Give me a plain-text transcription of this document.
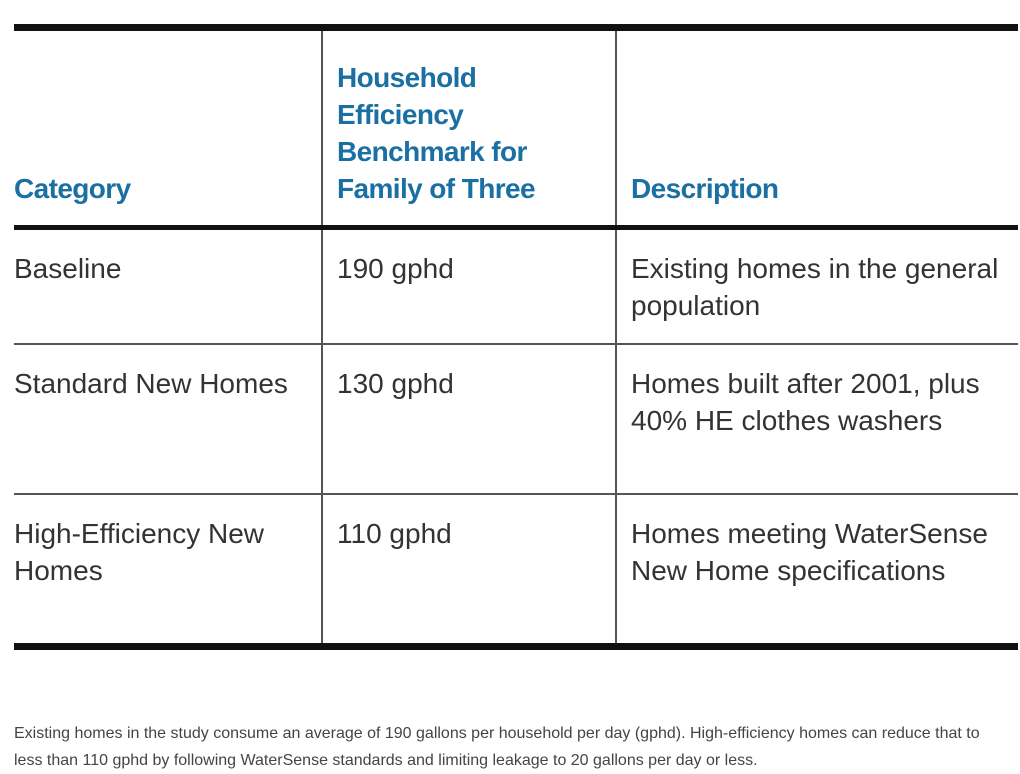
Category	Household Efficiency Benchmark for Family of Three	Description
Baseline	190 gphd	Existing homes in the general population
Standard New Homes	130 gphd	Homes built after 2001, plus 40% HE clothes washers
High-Efficiency New Homes	110 gphd	Homes meeting WaterSense New Home specifications

Existing homes in the study consume an average of 190 gallons per household per day (gphd). High-efficiency homes can reduce that to less than 110 gphd by following WaterSense standards and limiting leakage to 20 gallons per day or less.
